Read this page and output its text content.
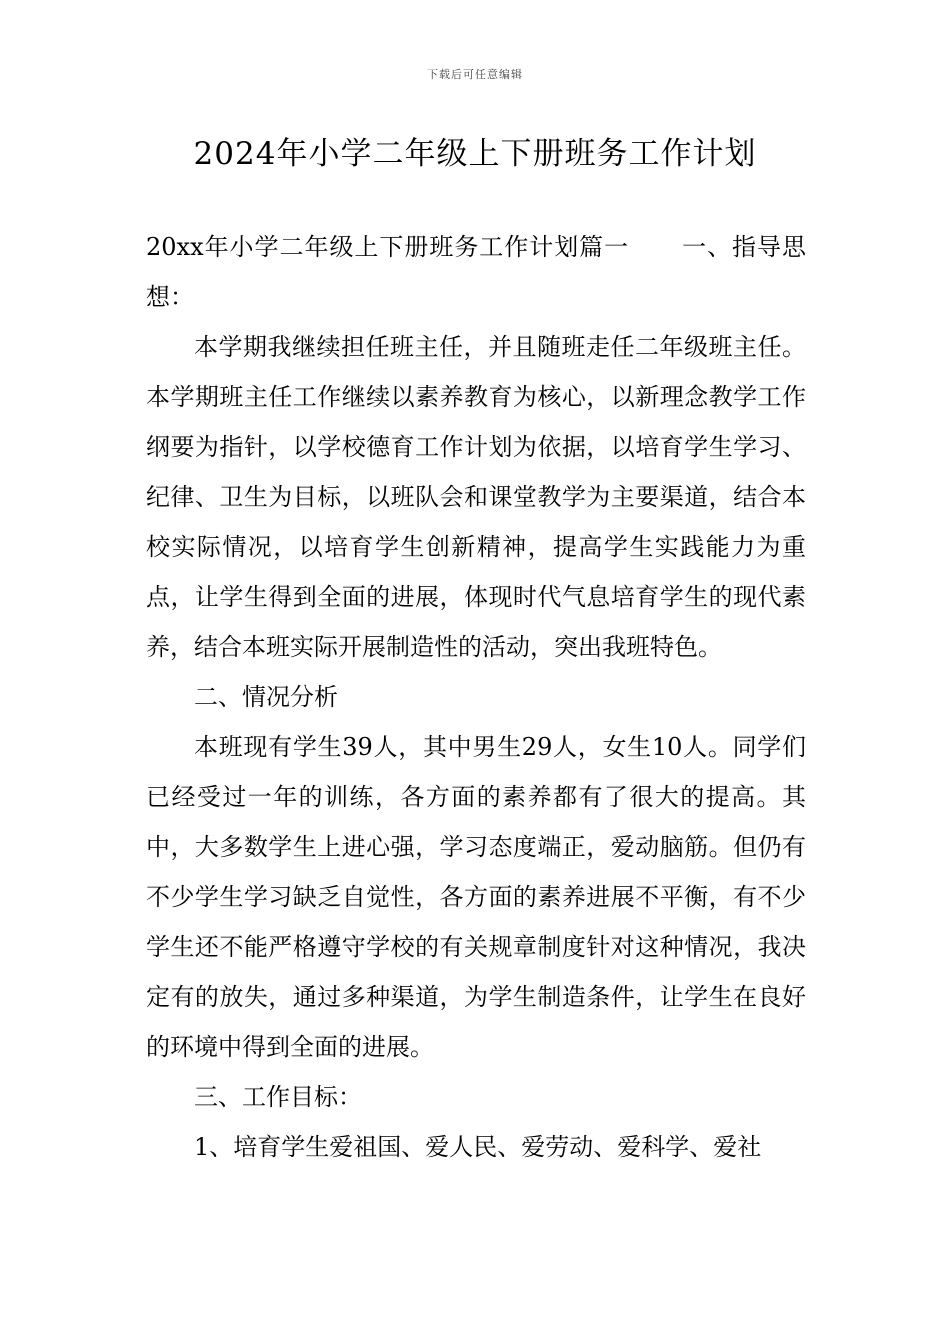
下载后可任意编辑
2024年小学二年级上下册班务工作计划

20xx年小学二年级上下册班务工作计划篇一 一、指导思想：

本学期我继续担任班主任，并且随班走任二年级班主任。本学期班主任工作继续以素养教育为核心，以新理念教学工作纲要为指针，以学校德育工作计划为依据，以培育学生学习、纪律、卫生为目标，以班队会和课堂教学为主要渠道，结合本校实际情况，以培育学生创新精神，提高学生实践能力为重点，让学生得到全面的进展，体现时代气息培育学生的现代素养，结合本班实际开展制造性的活动，突出我班特色。

二、情况分析

本班现有学生39人，其中男生29人，女生10人。同学们已经受过一年的训练，各方面的素养都有了很大的提高。其中，大多数学生上进心强，学习态度端正，爱动脑筋。但仍有不少学生学习缺乏自觉性，各方面的素养进展不平衡，有不少学生还不能严格遵守学校的有关规章制度针对这种情况，我决定有的放失，通过多种渠道，为学生制造条件，让学生在良好的环境中得到全面的进展。

三、工作目标：

1、培育学生爱祖国、爱人民、爱劳动、爱科学、爱社
